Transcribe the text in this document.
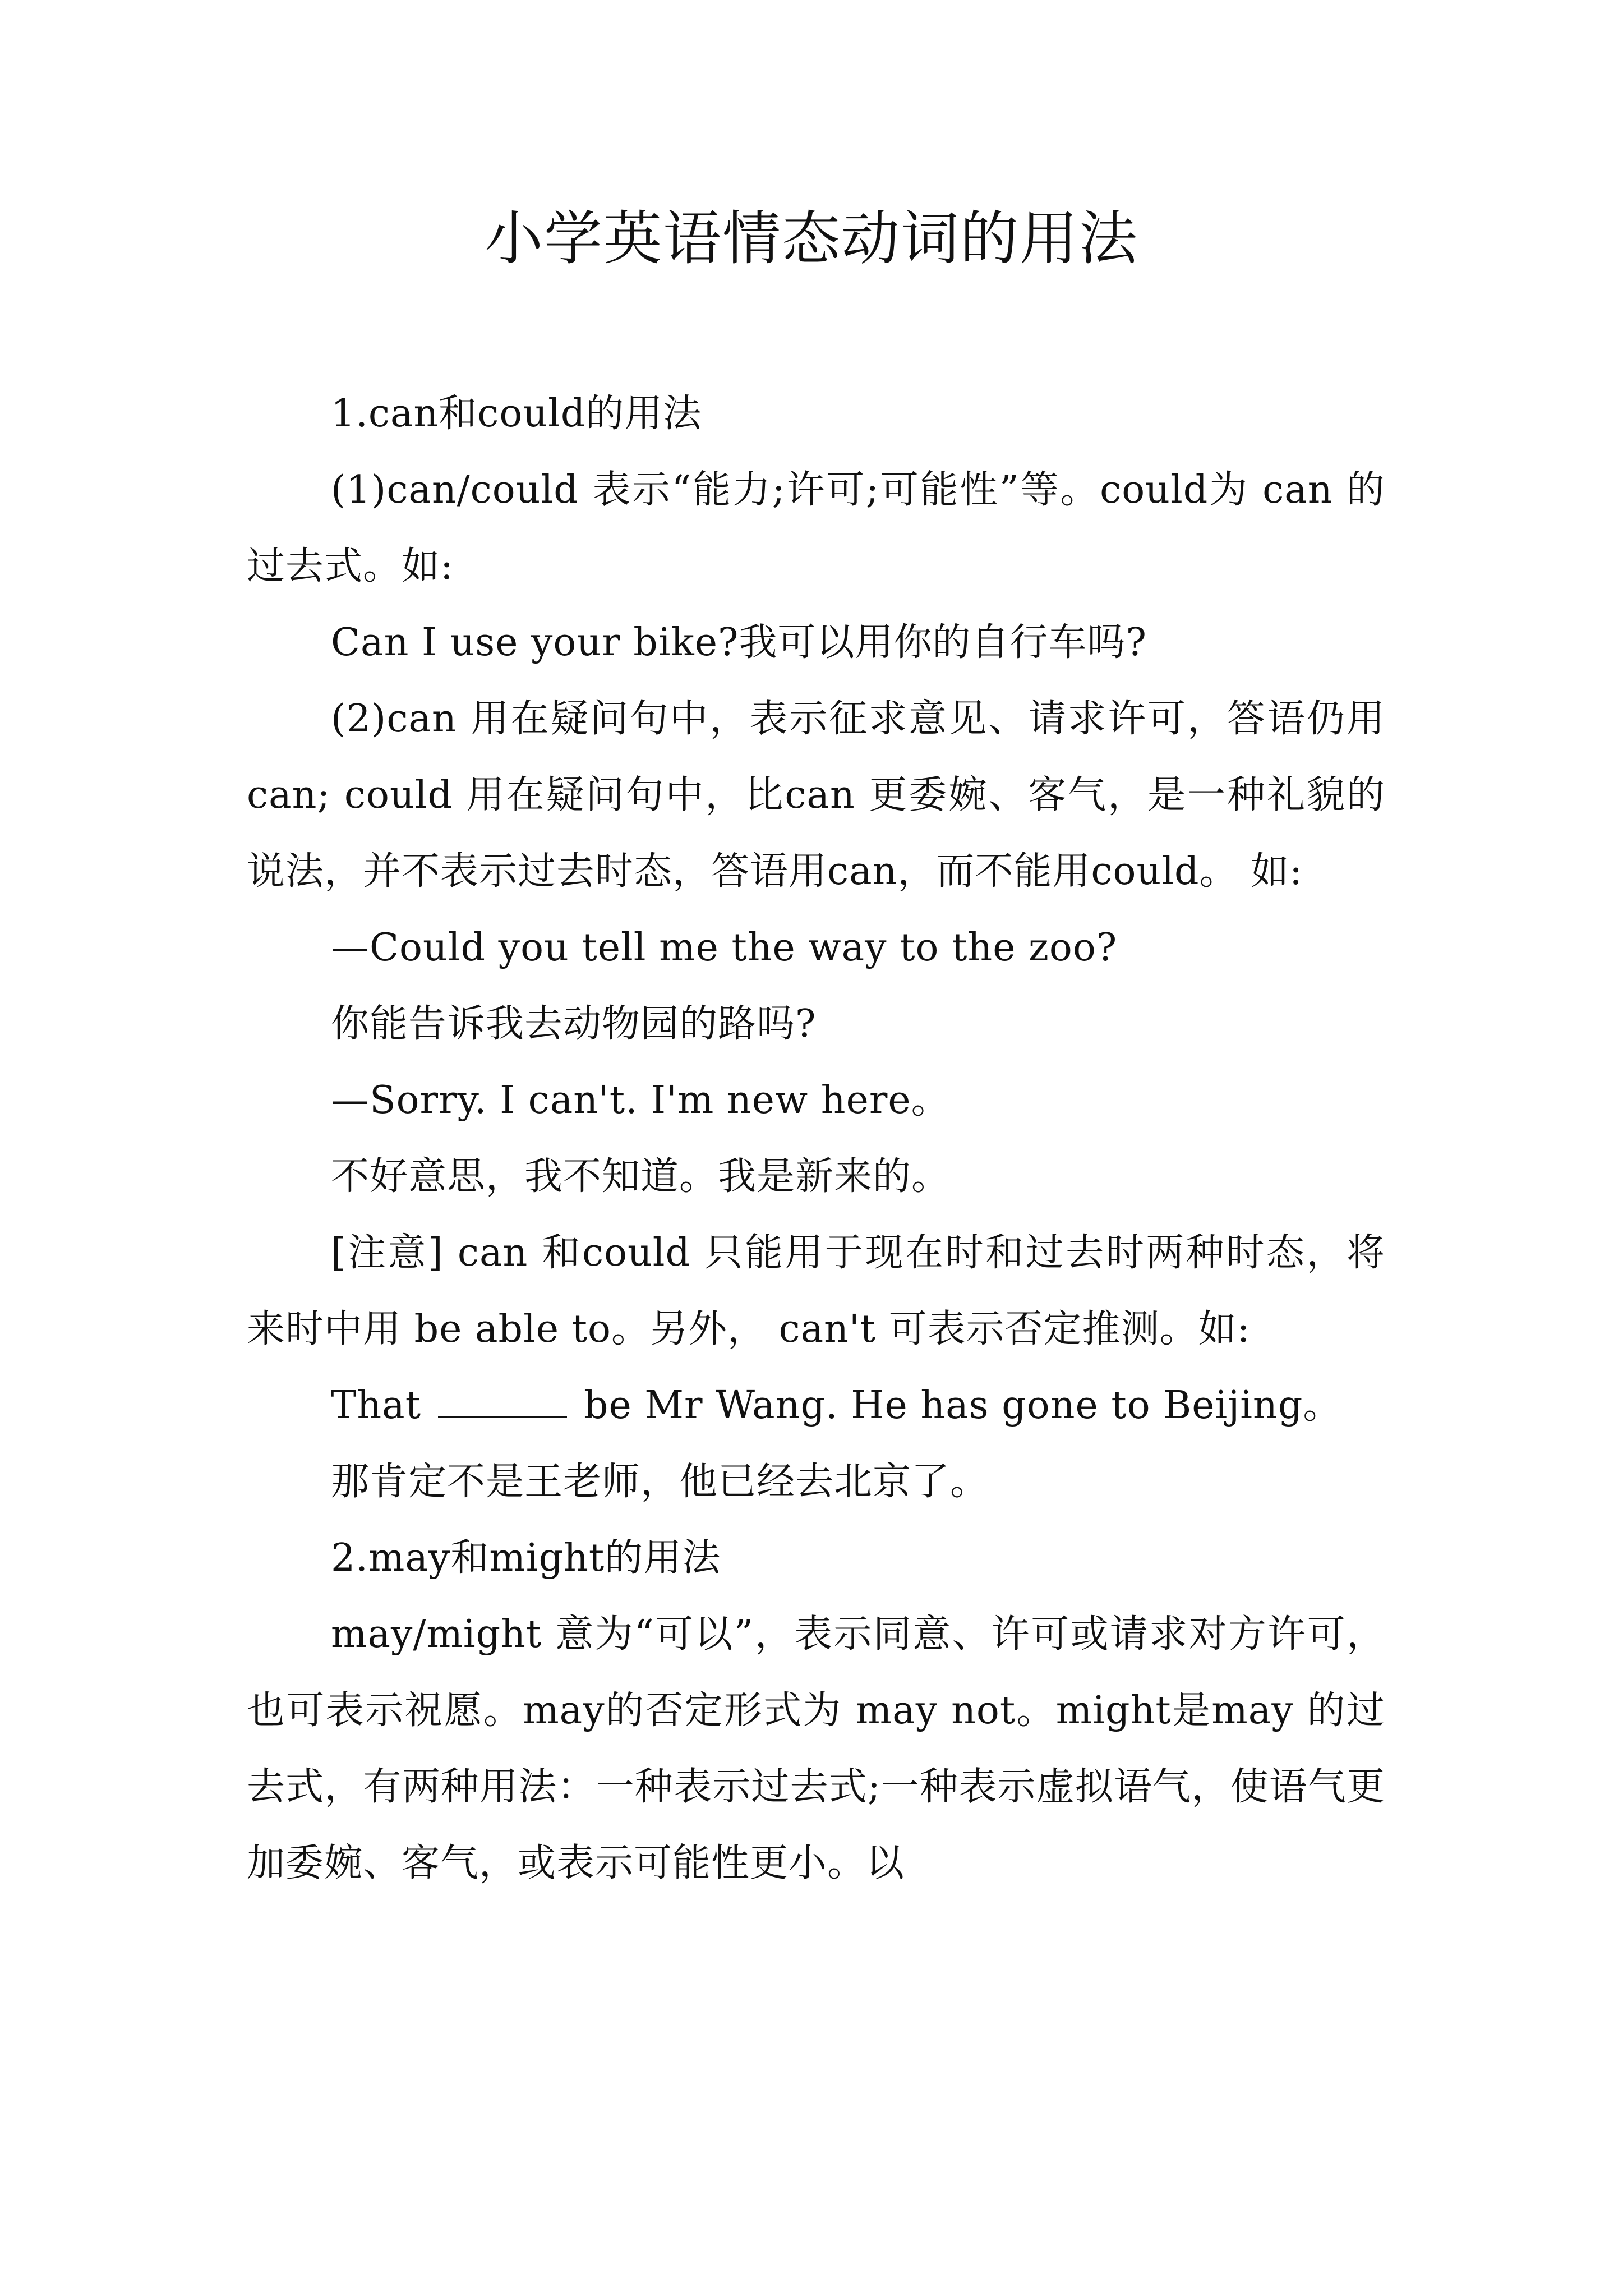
小学英语情态动词的用法

1.can和could的用法

(1)can/could 表示“能力;许可;可能性”等。could为 can 的过去式。如:

Can I use your bike?我可以用你的自行车吗?

(2)can 用在疑问句中，表示征求意见、请求许可，答语仍用 can; could 用在疑问句中，比can 更委婉、客气，是一种礼貌的说法，并不表示过去时态，答语用can，而不能用could。 如:

—Could you tell me the way to the zoo?

你能告诉我去动物园的路吗?

—Sorry. I can't. I'm new here。

不好意思，我不知道。我是新来的。

[注意] can 和could 只能用于现在时和过去时两种时态，将来时中用 be able to。另外， can't 可表示否定推测。如:

That	be Mr Wang. He has gone to Beijing。

那肯定不是王老师，他已经去北京了。

2.may和might的用法

may/might 意为“可以”，表示同意、许可或请求对方许可，也可表示祝愿。may的否定形式为 may not。might是may 的过去式，有两种用法：一种表示过去式;一种表示虚拟语气，使语气更加委婉、客气，或表示可能性更小。以
